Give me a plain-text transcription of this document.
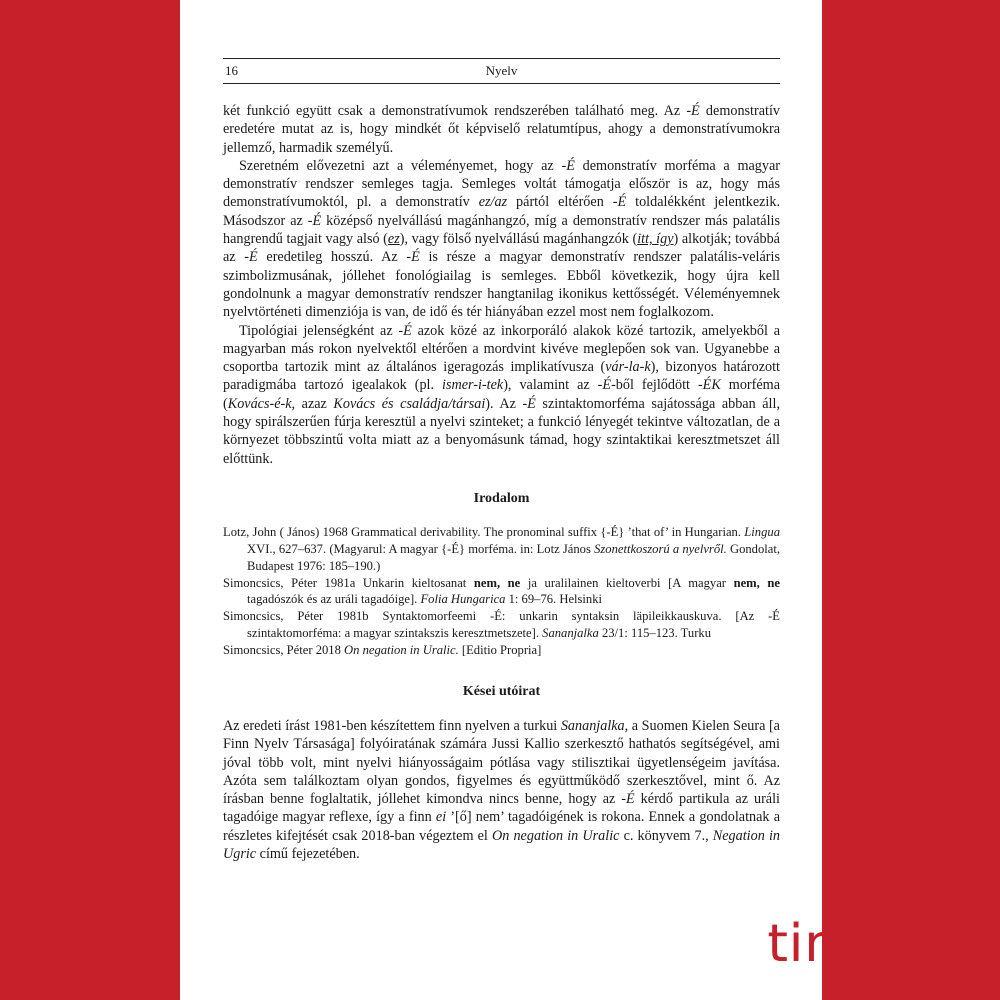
16	Nyelv

két funkció együtt csak a demonstratívumok rendszerében található meg. Az -É demonstratív eredetére mutat az is, hogy mindkét őt képviselő relatumtípus, ahogy a demonstratívumokra jellemző, harmadik személyű.

Szeretném elővezetni azt a véleményemet, hogy az -É demonstratív morféma a magyar demonstratív rendszer semleges tagja. Semleges voltát támogatja először is az, hogy más demonstratívumoktól, pl. a demonstratív ez/az pártól eltérően -É toldalékként jelentkezik. Másodszor az -É középső nyelvállású magánhangzó, míg a demonstratív rendszer más palatális hangrendű tagjait vagy alsó (ez), vagy fölső nyelvállású magánhangzók (itt, így) alkotják; továbbá az -É eredetileg hosszú. Az -É is része a magyar demonstratív rendszer palatális-veláris szimbolizmusának, jóllehet fonológiailag is semleges. Ebből következik, hogy újra kell gondolnunk a magyar demonstratív rendszer hangtanilag ikonikus kettősségét. Véleményemnek nyelvtörténeti dimenziója is van, de idő és tér hiányában ezzel most nem foglalkozom.

Tipológiai jelenségként az -É azok közé az inkorporáló alakok közé tartozik, amelyekből a magyarban más rokon nyelvektől eltérően a mordvint kivéve meglepően sok van. Ugyanebbe a csoportba tartozik mint az általános igeragozás implikatívusza (vár-la-k), bizonyos határozott paradigmába tartozó igealakok (pl. ismer-i-tek), valamint az -É-ből fejlődött -ÉK morféma (Kovács-é-k, azaz Kovács és családja/társai). Az -É szintaktomorféma sajátossága abban áll, hogy spirálszerűen fúrja keresztül a nyelvi szinteket; a funkció lényegét tekintve változatlan, de a környezet többszintű volta miatt az a benyomásunk támad, hogy szintaktikai keresztmetszet áll előttünk.

Irodalom

Lotz, John ( János) 1968 Grammatical derivability. The pronominal suffix {-É} ’that of’ in Hungarian. Lingua XVI., 627–637. (Magyarul: A magyar {-É} morféma. in: Lotz János Szonettkoszorú a nyelvről. Gondolat, Budapest 1976: 185–190.)

Simoncsics, Péter 1981a Unkarin kieltosanat nem, ne ja uralilainen kieltoverbi [A magyar nem, ne tagadószók és az uráli tagadóige]. Folia Hungarica 1: 69–76. Helsinki

Simoncsics, Péter 1981b Syntaktomorfeemi -É: unkarin syntaksin läpileikkauskuva. [Az -É szintaktomorféma: a magyar szintakszis keresztmetszete]. Sananjalka 23/1: 115–123. Turku

Simoncsics, Péter 2018 On negation in Uralic. [Editio Propria]

Kései utóirat

Az eredeti írást 1981-ben készítettem finn nyelven a turkui Sananjalka, a Suomen Kielen Seura [a Finn Nyelv Társasága] folyóiratának számára Jussi Kallio szerkesztő hathatós segítségével, ami jóval több volt, mint nyelvi hiányosságaim pótlása vagy stilisztikai ügyetlenségeim javítása. Azóta sem találkoztam olyan gondos, figyelmes és együttműködő szerkesztővel, mint ő. Az írásban benne foglaltatik, jóllehet kimondva nincs benne, hogy az -É kérdő partikula az uráli tagadóige magyar reflexe, így a finn ei ’[ő] nem’ tagadóigének is rokona. Ennek a gondolatnak a részletes kifejtését csak 2018-ban végeztem el On negation in Uralic c. könyvem 7., Negation in Ugric című fejezetében.

tinta.hu
